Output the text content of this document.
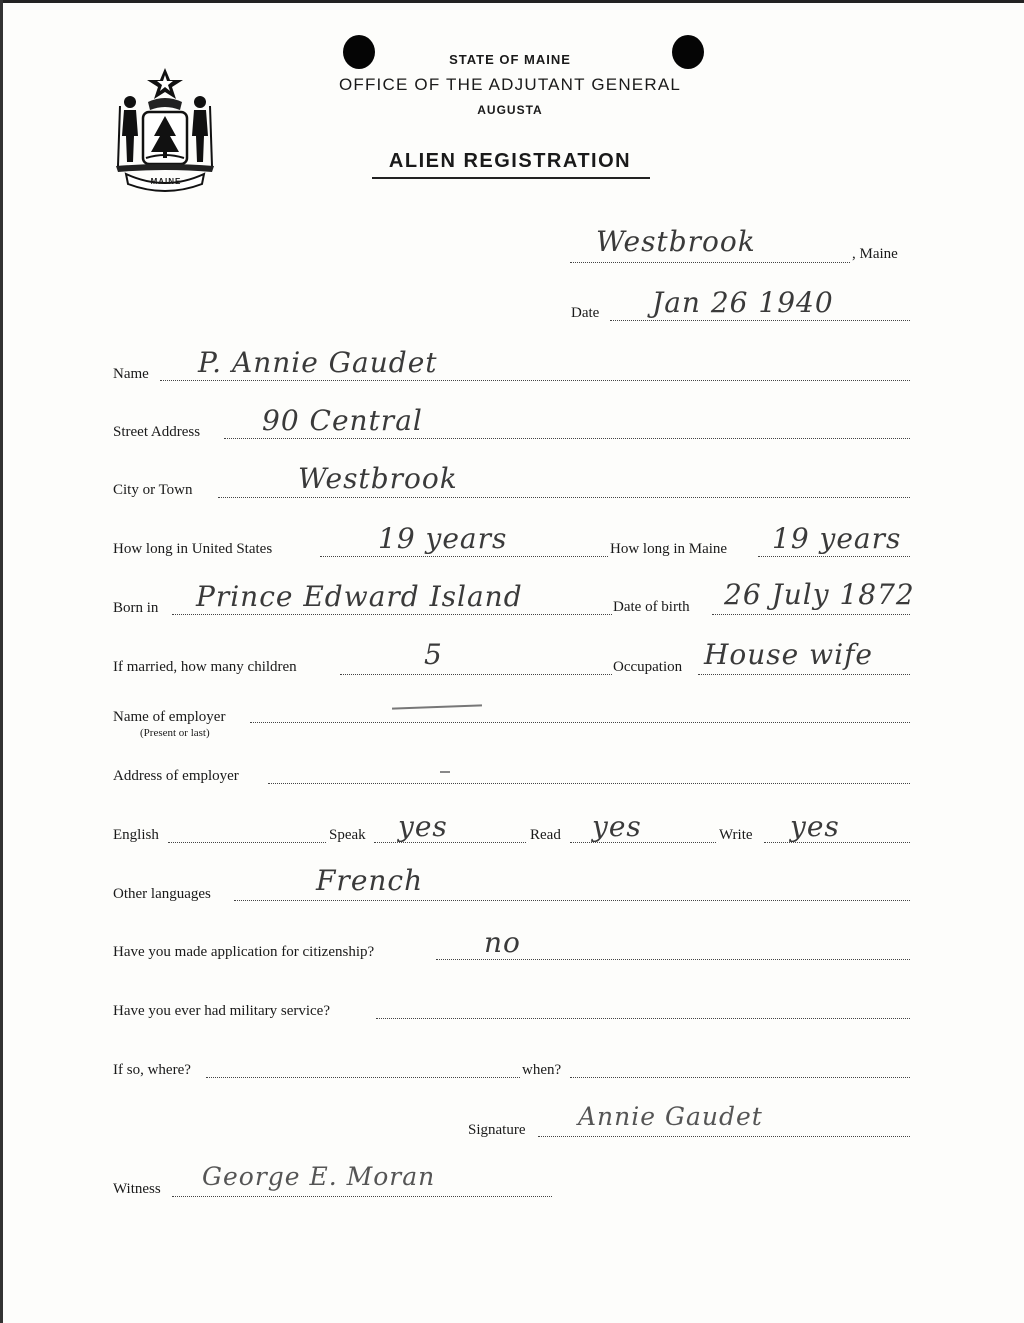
MAINE
STATE OF MAINE
OFFICE OF THE ADJUTANT GENERAL
AUGUSTA
ALIEN REGISTRATION
Westbrook	, Maine
Date Jan 26 1940
Name P. Annie Gaudet
Street Address 90 Central
City or Town	Westbrook
How long in United States	19 years	How long in Maine 19 years
Born in Prince Edward Island	Date of birth 26 July 1872
If married, how many children	5	Occupation House wife
Name of employer
(Present or last)
Address of employer
English	Speak yes	Read yes	Write yes
Other languages	French
Have you made application for citizenship?	no
Have you ever had military service?
If so, where?	when?
Signature Annie Gaudet
Witness George E. Moran
